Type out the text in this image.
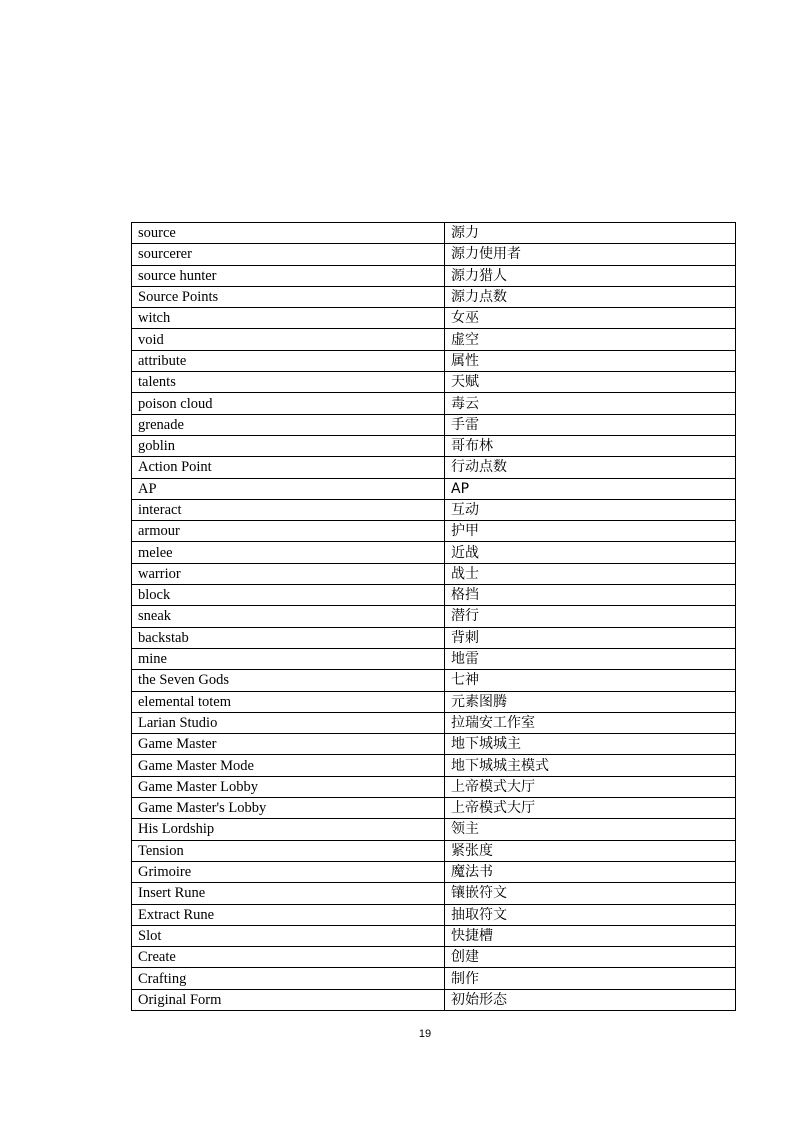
source	源力
sourcerer	源力使用者
source hunter	源力猎人
Source Points	源力点数
witch	女巫
void	虚空
attribute	属性
talents	天赋
poison cloud	毒云
grenade	手雷
goblin	哥布林
Action Point	行动点数
AP	AP
interact	互动
armour	护甲
melee	近战
warrior	战士
block	格挡
sneak	潜行
backstab	背刺
mine	地雷
the Seven Gods	七神
elemental totem	元素图腾
Larian Studio	拉瑞安工作室
Game Master	地下城城主
Game Master Mode	地下城城主模式
Game Master Lobby	上帝模式大厅
Game Master's Lobby	上帝模式大厅
His Lordship	领主
Tension	紧张度
Grimoire	魔法书
Insert Rune	镶嵌符文
Extract Rune	抽取符文
Slot	快捷槽
Create	创建
Crafting	制作
Original Form	初始形态
19
